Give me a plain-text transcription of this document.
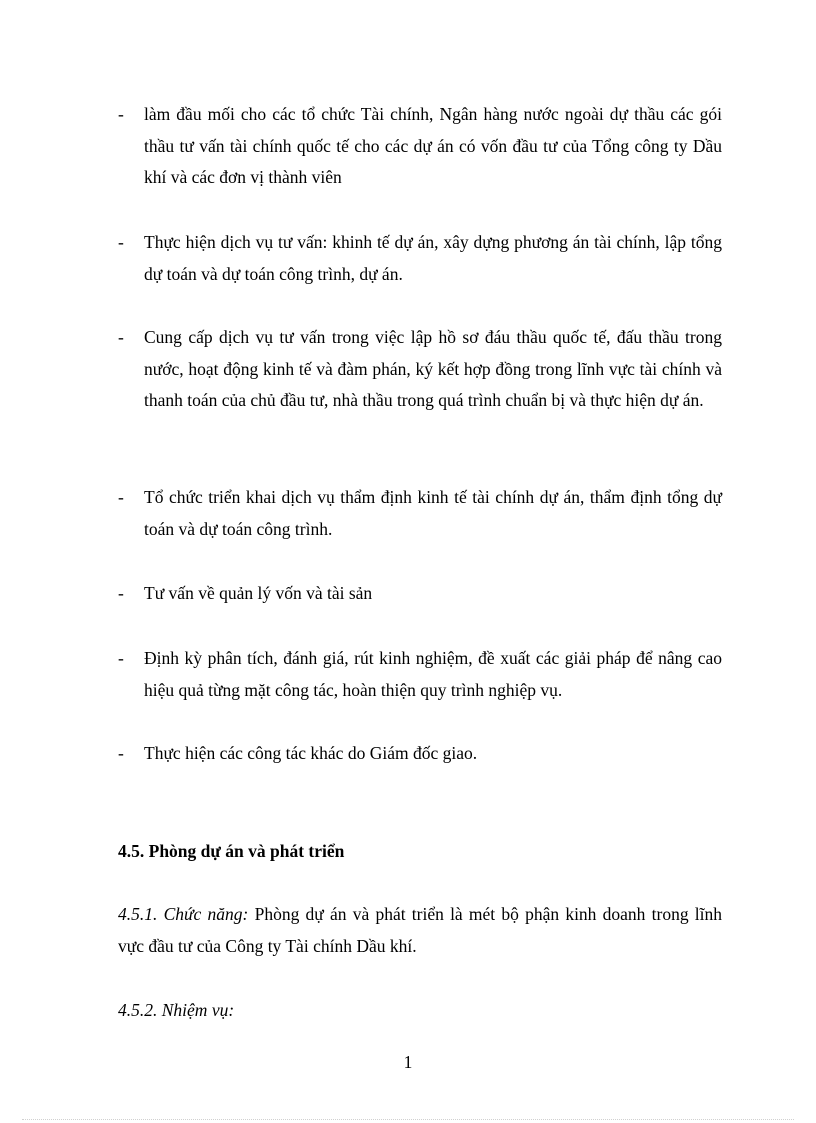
-	làm đầu mối cho các tổ chức Tài chính, Ngân hàng nước ngoài dự thầu các gói thầu tư vấn tài chính quốc tế cho các dự án có vốn đầu tư của Tổng công ty Dầu khí và các đơn vị thành viên
-	Thực hiện dịch vụ tư vấn: khinh tế dự án, xây dựng phương án tài chính, lập tổng dự toán và dự toán công trình, dự án.
-	Cung cấp dịch vụ tư vấn trong việc lập hồ sơ đáu thầu quốc tế, đấu thầu trong nước, hoạt động kinh tế và đàm phán, ký kết hợp đồng trong lĩnh vực tài chính và thanh toán của chủ đầu tư, nhà thầu trong quá trình chuẩn bị và thực hiện dự án.
-	Tổ chức triển khai dịch vụ thẩm định kinh tế tài chính dự án, thẩm định tổng dự toán và dự toán công trình.
-	Tư vấn về quản lý vốn và tài sản
-	Định kỳ phân tích, đánh giá, rút kinh nghiệm, đề xuất các giải pháp để nâng cao hiệu quả từng mặt công tác, hoàn thiện quy trình nghiệp vụ.
-	Thực hiện các công tác khác do Giám đốc giao.
4.5. Phòng dự án và phát triển
4.5.1. Chức năng: Phòng dự án và phát triển là mét bộ phận kinh doanh trong lĩnh vực đầu tư của Công ty Tài chính Dầu khí.
4.5.2. Nhiệm vụ:
1
